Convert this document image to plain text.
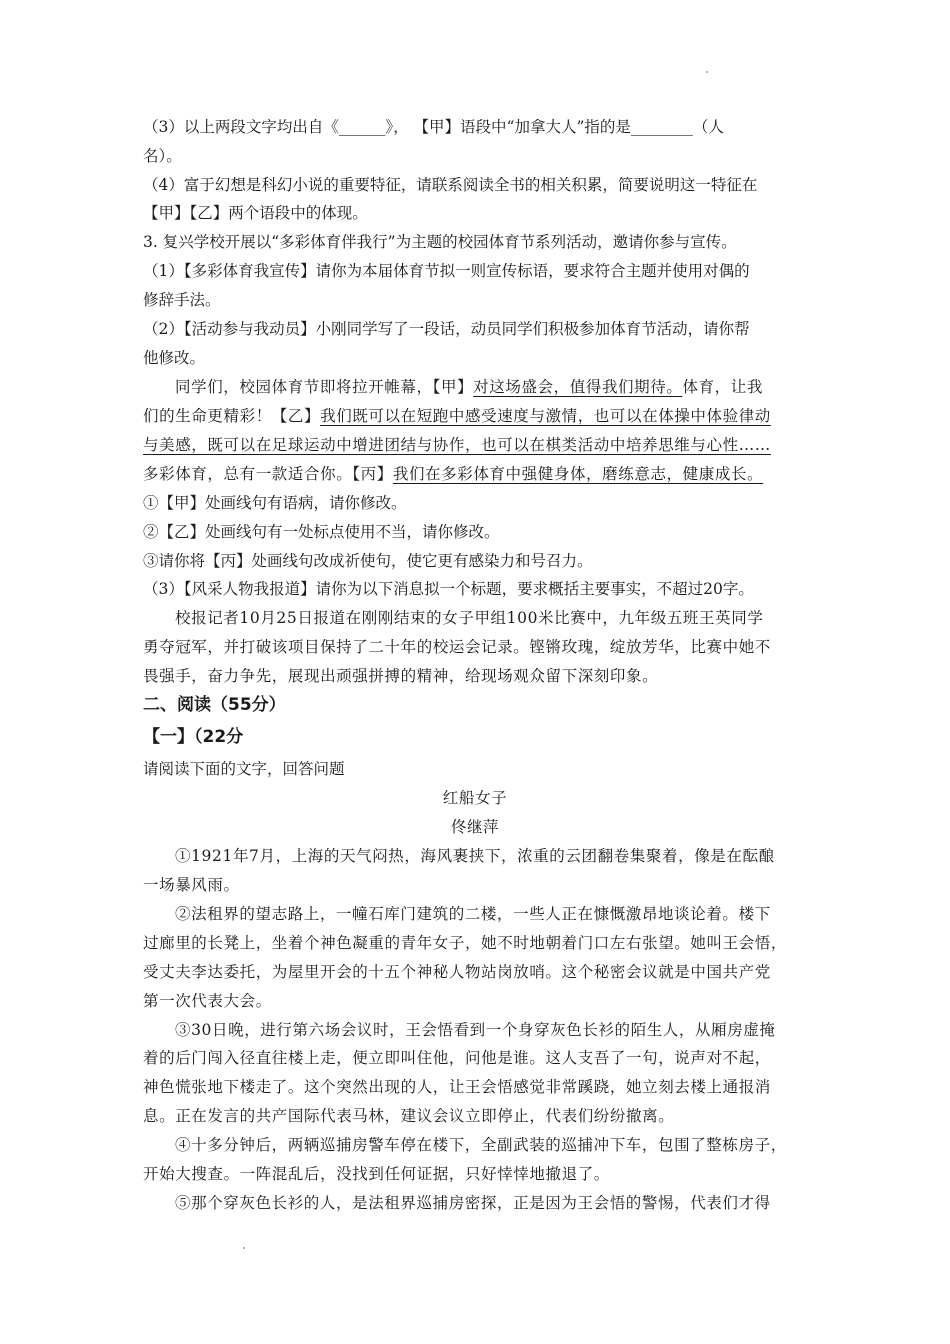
（3）以上两段文字均出自《______》， 【甲】语段中“加拿大人”指的是________（人
名）。
（4）富于幻想是科幻小说的重要特征，请联系阅读全书的相关积累，简要说明这一特征在
【甲】【乙】两个语段中的体现。
3. 复兴学校开展以“多彩体育伴我行”为主题的校园体育节系列活动，邀请你参与宣传。
（1）【多彩体育我宣传】请你为本届体育节拟一则宣传标语，要求符合主题并使用对偶的
修辞手法。
（2）【活动参与我动员】小刚同学写了一段话，动员同学们积极参加体育节活动，请你帮
他修改。
同学们，校园体育节即将拉开帷幕，【甲】对这场盛会，值得我们期待。体育，让我
们的生命更精彩！【乙】我们既可以在短跑中感受速度与激情，也可以在体操中体验律动
与美感，既可以在足球运动中增进团结与协作，也可以在棋类活动中培养思维与心性……
多彩体育，总有一款适合你。【丙】我们在多彩体育中强健身体，磨练意志，健康成长。
①【甲】处画线句有语病，请你修改。
②【乙】处画线句有一处标点使用不当，请你修改。
③请你将【丙】处画线句改成祈使句，使它更有感染力和号召力。
（3）【风采人物我报道】请你为以下消息拟一个标题，要求概括主要事实，不超过20字。
校报记者10月25日报道在刚刚结束的女子甲组100米比赛中，九年级五班王英同学
勇夺冠军，并打破该项目保持了二十年的校运会记录。铿锵玫瑰，绽放芳华，比赛中她不
畏强手，奋力争先，展现出顽强拼搏的精神，给现场观众留下深刻印象。
二、阅读（55分）
【一】（22分
请阅读下面的文字，回答问题
红船女子
佟继萍
①1921年7月，上海的天气闷热，海风裹挟下，浓重的云团翻卷集聚着，像是在酝酿
一场暴风雨。
②法租界的望志路上，一幢石库门建筑的二楼，一些人正在慷慨激昂地谈论着。楼下
过廊里的长凳上，坐着个神色凝重的青年女子，她不时地朝着门口左右张望。她叫王会悟，
受丈夫李达委托，为屋里开会的十五个神秘人物站岗放哨。这个秘密会议就是中国共产党
第一次代表大会。
③30日晚，进行第六场会议时，王会悟看到一个身穿灰色长衫的陌生人，从厢房虚掩
着的后门闯入径直往楼上走，便立即叫住他，问他是谁。这人支吾了一句，说声对不起，
神色慌张地下楼走了。这个突然出现的人，让王会悟感觉非常蹊跷，她立刻去楼上通报消
息。正在发言的共产国际代表马林，建议会议立即停止，代表们纷纷撤离。
④十多分钟后，两辆巡捕房警车停在楼下，全副武装的巡捕冲下车，包围了整栋房子，
开始大搜查。一阵混乱后，没找到任何证据，只好悻悻地撤退了。
⑤那个穿灰色长衫的人，是法租界巡捕房密探，正是因为王会悟的警惕，代表们才得
